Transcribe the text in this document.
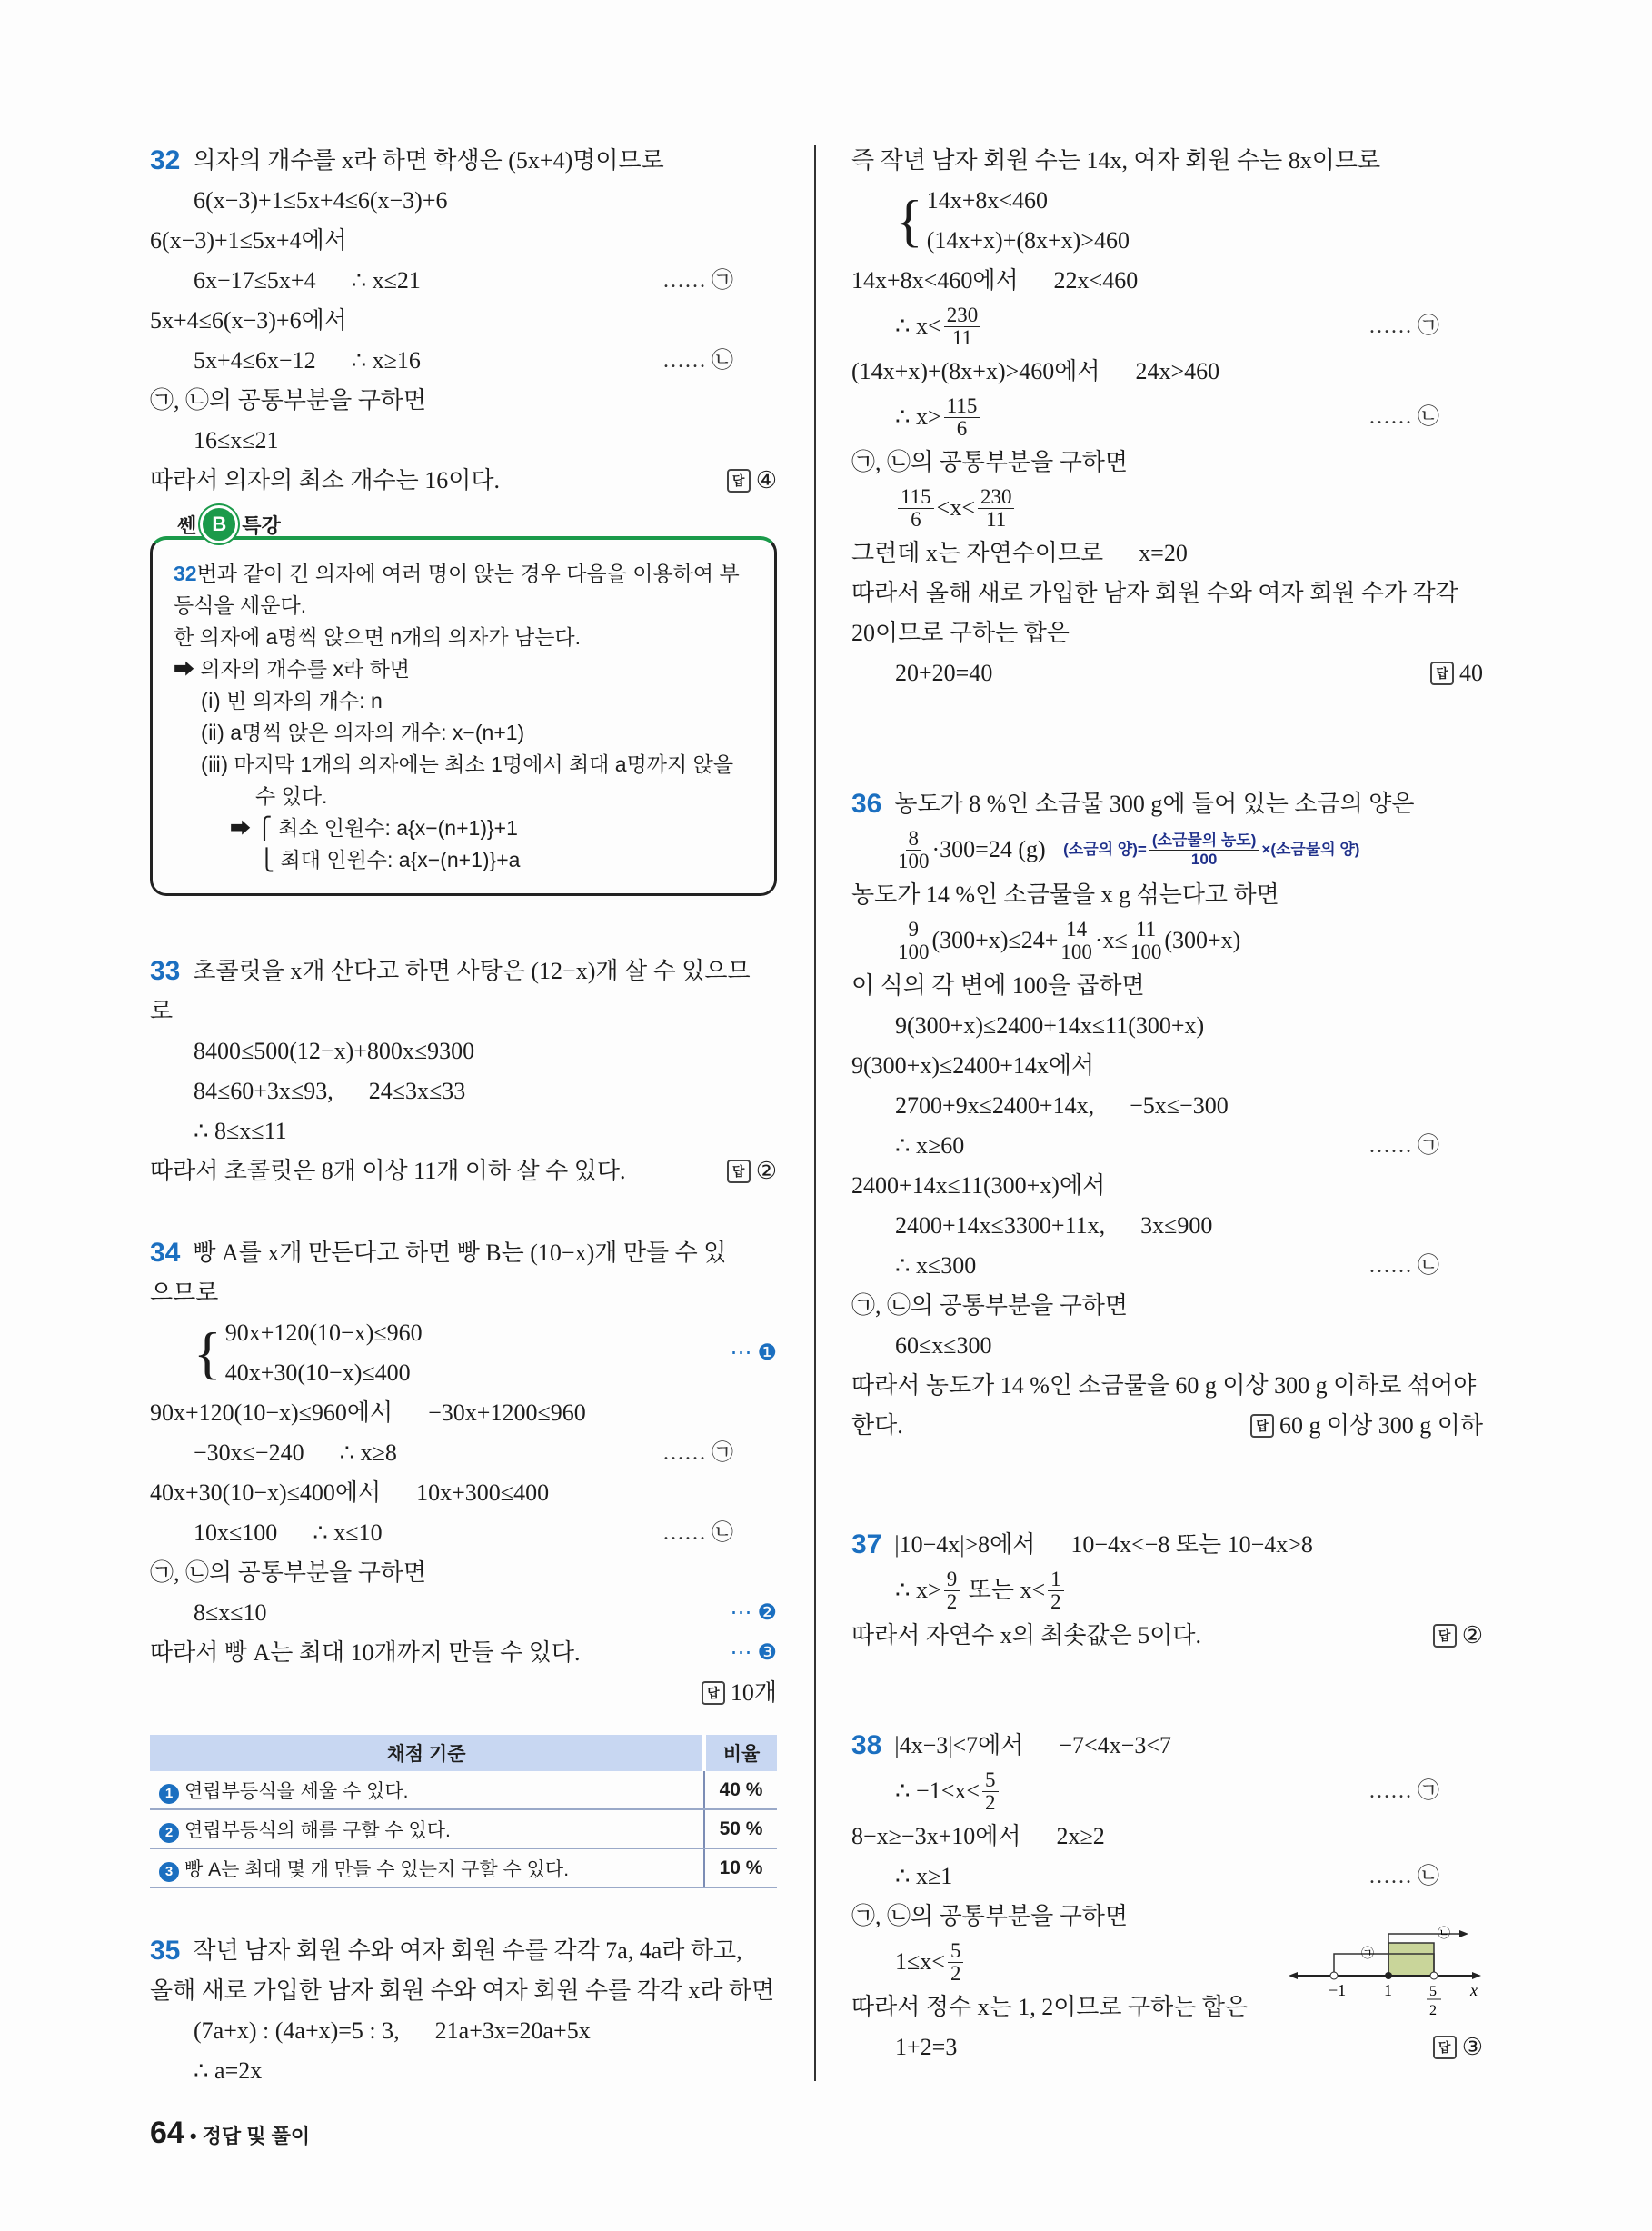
32 의자의 개수를 x라 하면 학생은 (5x+4)명이므로
6(x−3)+1≤5x+4≤6(x−3)+6
6(x−3)+1≤5x+4에서
6x−17≤5x+4      ∴ x≤21	…… ㉠
5x+4≤6(x−3)+6에서
5x+4≤6x−12      ∴ x≥16	…… ㉡
㉠, ㉡의 공통부분을 구하면
16≤x≤21
따라서 의자의 최소 개수는 16이다.	답 ④
33 초콜릿을 x개 산다고 하면 사탕은 (12−x)개 살 수 있으므
로
8400≤500(12−x)+800x≤9300
84≤60+3x≤93,      24≤3x≤33
∴ 8≤x≤11
따라서 초콜릿은 8개 이상 11개 이하 살 수 있다.	답 ②
34 빵 A를 x개 만든다고 하면 빵 B는 (10−x)개 만들 수 있
으므로
{ 90x+120(10−x)≤960
40x+30(10−x)≤400
⋯ ❶
90x+120(10−x)≤960에서      −30x+1200≤960
−30x≤−240      ∴ x≥8	…… ㉠
40x+30(10−x)≤400에서      10x+300≤400
10x≤100      ∴ x≤10	…… ㉡
㉠, ㉡의 공통부분을 구하면
8≤x≤10	⋯ ❷
따라서 빵 A는 최대 10개까지 만들 수 있다.	⋯ ❸
답 10개
35 작년 남자 회원 수와 여자 회원 수를 각각 7a, 4a라 하고,
올해 새로 가입한 남자 회원 수와 여자 회원 수를 각각 x라 하면
(7a+x) : (4a+x)=5 : 3,      21a+3x=20a+5x
∴ a=2x
쎈 B 특강
32번과 같이 긴 의자에 여러 명이 앉는 경우 다음을 이용하여 부
등식을 세운다.
한 의자에 a명씩 앉으면 n개의 의자가 남는다.
➡ 의자의 개수를 x라 하면
(ⅰ) 빈 의자의 개수: n
(ⅱ) a명씩 앉은 의자의 개수: x−(n+1)
(ⅲ) 마지막 1개의 의자에는 최소 1명에서 최대 a명까지 앉을
수 있다.
➡ ⎧ 최소 인원수: a{x−(n+1)}+1
⎩ 최대 인원수: a{x−(n+1)}+a
채점 기준	비율
1 연립부등식을 세울 수 있다.	40 %
2 연립부등식의 해를 구할 수 있다.	50 %
3 빵 A는 최대 몇 개 만들 수 있는지 구할 수 있다.	10 %
즉 작년 남자 회원 수는 14x, 여자 회원 수는 8x이므로
{ 14x+8x<460
(14x+x)+(8x+x)>460
14x+8x<460에서      22x<460
∴ $x< \frac{230}{11}$	…… ㉠
(14x+x)+(8x+x)>460에서      24x>460
∴ $x> \frac{115}{6}$	…… ㉡
㉠, ㉡의 공통부분을 구하면
$\frac{115}{6} <x< \frac{230}{11}$
그런데 x는 자연수이므로      x=20
따라서 올해 새로 가입한 남자 회원 수와 여자 회원 수가 각각
20이므로 구하는 합은
20+20=40	답 40
36 농도가 8 %인 소금물 300 g에 들어 있는 소금의 양은
$\frac{8}{100} \cdot 300=24$ (g) (소금의 양)= $\frac{\text{(소금물의 농도)}}{100}$ ×(소금물의 양)
농도가 14 %인 소금물을 x g 섞는다고 하면
$\frac{9}{100} (300+x)\le 24+ \frac{14}{100} \cdot x\le \frac{11}{100} (300+x)$
이 식의 각 변에 100을 곱하면
9(300+x)≤2400+14x≤11(300+x)
9(300+x)≤2400+14x에서
2700+9x≤2400+14x,      −5x≤−300
∴ x≥60	…… ㉠
2400+14x≤11(300+x)에서
2400+14x≤3300+11x,      3x≤900
∴ x≤300	…… ㉡
㉠, ㉡의 공통부분을 구하면
60≤x≤300
따라서 농도가 14 %인 소금물을 60 g 이상 300 g 이하로 섞어야
한다.	답 60 g 이상 300 g 이하
37 |10−4x|>8에서      10−4x<−8 또는 10−4x>8
∴ $x> \frac{9}{2}$ 또는 $x< \frac{1}{2}$
따라서 자연수 x의 최솟값은 5이다.	답 ②
38 |4x−3|<7에서      −7<4x−3<7
∴ $-1<x< \frac{5}{2}$	…… ㉠
8−x≥−3x+10에서      2x≥2
∴ x≥1	…… ㉡
㉠, ㉡의 공통부분을 구하면
$1\le x< \frac{5}{2}$
따라서 정수 x는 1, 2이므로 구하는 합은
1+2=3	답 ③
−1 1	5
2
x
㉠
㉡
64 • 정답 및 풀이
